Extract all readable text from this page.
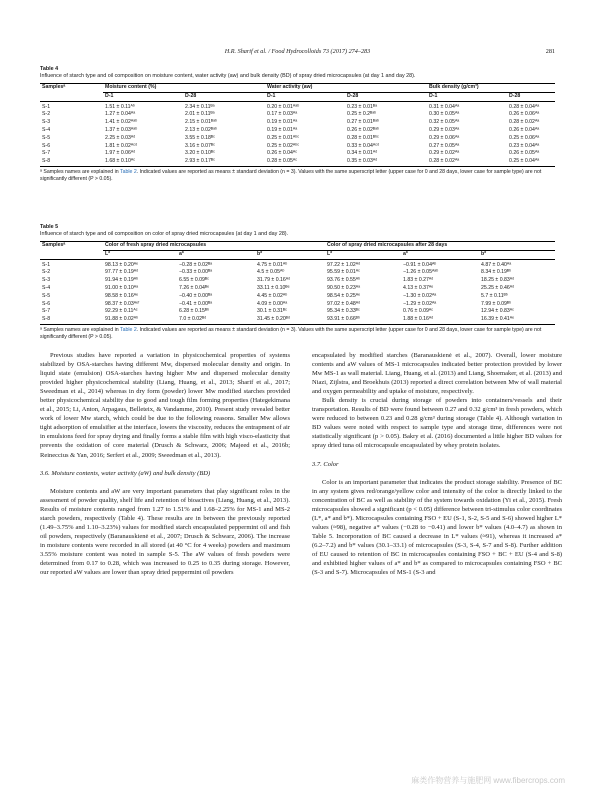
H.R. Sharif et al. / Food Hydrocolloids 73 (2017) 274–283	281
Table 4
Influence of starch type and oil composition on moisture content, water activity (aw) and bulk density (BD) of spray dried microcapsules (at day 1 and day 28).
Samplesᵃ	Moisture content (%)		Water activity (aw)		Bulk density (g/cm³)	
	D-1	D-28	D-1	D-28	D-1	D-28
S-1	1.51 ± 0.11ᴬᵇ	2.34 ± 0.11ᴮᵃ	0.20 ± 0.01ᴬᵃᵇ	0.23 ± 0.01ᴮᵃ	0.31 ± 0.04ᴬᵃ	0.28 ± 0.04ᴬᵃ
S-2	1.27 ± 0.04ᴬᵃ	2.01 ± 0.11ᴮᵃ	0.17 ± 0.03ᴬᵃ	0.25 ± 0.2ᴮᵃᵇ	0.30 ± 0.05ᴬᵃ	0.26 ± 0.06ᴬᵃ
S-3	1.41 ± 0.02ᴬᵃᵇ	2.15 ± 0.01ᴮᵃᵇ	0.19 ± 0.01ᴬᵃ	0.27 ± 0.01ᴮᵃᵇ	0.32 ± 0.05ᴬᵃ	0.28 ± 0.02ᴬᵃ
S-4	1.37 ± 0.03ᴬᵃᵇ	2.13 ± 0.02ᴮᵃᵇ	0.19 ± 0.01ᴬᵃ	0.26 ± 0.02ᴮᵃᵇ	0.29 ± 0.03ᴬᵃ	0.26 ± 0.04ᴬᵃ
S-5	2.25 ± 0.03ᴬᵈ	3.55 ± 0.18ᴮᶜ	0.25 ± 0.01ᴬᵇᶜ	0.28 ± 0.01ᴮᵇᶜ	0.29 ± 0.06ᴬᵃ	0.25 ± 0.06ᴬᵃ
S-6	1.81 ± 0.02ᴬᶜᵈ	3.16 ± 0.07ᴮᶜ	0.25 ± 0.02ᴬᵇᶜ	0.33 ± 0.04ᴬᶜᵈ	0.27 ± 0.05ᴬᵃ	0.23 ± 0.04ᴬᵃ
S-7	1.97 ± 0.06ᴬᵈ	3.20 ± 0.10ᴮᶜ	0.26 ± 0.04ᴬᶜ	0.34 ± 0.01ᴬᵈ	0.29 ± 0.02ᴬᵃ	0.26 ± 0.05ᴬᵃ
S-8	1.68 ± 0.10ᴬᶜ	2.93 ± 0.17ᴮᶜ	0.28 ± 0.05ᴬᶜ	0.35 ± 0.03ᴬᵈ	0.28 ± 0.02ᴬᵃ	0.25 ± 0.04ᴬᵃ
ᵃ Samples names are explained in Table 2. Indicated values are reported as means ± standard deviation (n = 3). Values with the same superscript letter (upper case for 0 and 28 days, lower case for sample type) are not significantly different (P > 0.05).
Table 5
Influence of starch type and oil composition on color of spray dried microcapsules (at day 1 and day 28).
Samplesᵃ	Color of fresh spray dried microcapsules			Color of spray dried microcapsules after 28 days		
	L*	a*	b*	L*	a*	b*
S-1	98.13 ± 0.20ᴬᵉ	−0.28 ± 0.02ᴮᵃ	4.75 ± 0.01ᴬᵇ	97.22 ± 1.02ᴬᵈ	−0.91 ± 0.04ᴬᵇ	4.87 ± 0.40ᴬᵃ
S-2	97.77 ± 0.19ᴬᵈ	−0.33 ± 0.00ᴮᵃ	4.5 ± 0.05ᴬᵇ	95.59 ± 0.01ᴬᶜ	−1.26 ± 0.05ᴬᵃᵇ	8.34 ± 0.19ᴮᵇ
S-3	91.94 ± 0.19ᴬᵇ	6.55 ± 0.09ᴮᶜ	31.79 ± 0.16ᴬᵈ	93.76 ± 0.55ᴬᵇ	1.83 ± 0.27ᴬᵈ	18.25 ± 0.83ᴬᵈ
S-4	91.00 ± 0.10ᴬᵃ	7.26 ± 0.04ᴮᵉ	33.11 ± 0.10ᴮᵉ	90.50 ± 0.23ᴬᵃ	4.13 ± 0.37ᴬᵉ	25.25 ± 0.46ᴬᵈ
S-5	98.58 ± 0.16ᴬᵉ	−0.40 ± 0.00ᴮᵃ	4.45 ± 0.02ᴬᵇ	98.54 ± 0.25ᴬᵉ	−1.30 ± 0.02ᴬᵃ	5.7 ± 0.11ᴮᵇ
S-6	98.37 ± 0.03ᴬᵉᶠ	−0.41 ± 0.00ᴮᵃ	4.09 ± 0.00ᴬᵃ	97.02 ± 0.48ᴬᵈ	−1.29 ± 0.02ᴬᵃ	7.99 ± 0.09ᴮᵇ
S-7	92.29 ± 0.11ᴬᶜ	6.28 ± 0.15ᴮᵇ	30.1 ± 0.31ᴮᶜ	95.34 ± 0.33ᴮᶜ	0.76 ± 0.09ᴬᶜ	12.94 ± 0.83ᴬᶜ
S-8	91.88 ± 0.02ᴬᵇ	7.0 ± 0.02ᴮᵈ	31.45 ± 0.20ᴮᵈ	93.91 ± 0.66ᴮᵇ	1.88 ± 0.16ᴬᵈ	16.39 ± 0.41ᴬᵉ
ᵃ Samples names are explained in Table 2. Indicated values are reported as means ± standard deviation (n = 3). Values with the same superscript letter (upper case for 0 and 28 days, lower case for sample type) are not significantly different (P > 0.05).

Previous studies have reported a variation in physicochemical properties of systems stabilized by OSA-starches having different Mw, dispersed molecular density and origin. In liquid state (emulsion) OSA-starches having higher Mw and dispersed molecular density provided higher physicochemical stability (Liang, Huang, et al., 2013; Sharif et al., 2017; Sweedman et al., 2014) whereas in dry form (powder) lower Mw modified starches provided better physicochemical stability due to good and tough film forming properties (Hategekimana et al., 2015; Li, Anton, Arpagaus, Belleteix, & Vandamme, 2010). Present study revealed better work of lower Mw starch, which could be due to the following reasons. Smaller Mw allows tight adsorption of emulsifier at the interface, lowers the viscosity, reduces the entrapment of air in emulsions feed for spray drying and finally forms a stable film with high visco-elasticity that prevents the oxidation of core material (Drusch & Schwarz, 2006; Majeed et al., 2016b; Reineccius & Yan, 2016; Serfert et al., 2009; Sweedman et al., 2013).

3.6. Moisture contents, water activity (aW) and bulk density (BD)

Moisture contents and aW are very important parameters that play significant roles in the assessment of powder quality, shelf life and retention of bioactives (Liang, Huang, et al., 2013). Results of moisture contents ranged from 1.27 to 1.51% and 1.68–2.25% for MS-1 and MS-2 starch powders, respectively (Table 4). These results are in between the previously reported (1.49–3.75% and 1.10–3.23%) values for modified starch encapsulated peppermint oil and fish oil powders, respectively (Baranauskienė et al., 2007; Drusch & Schwarz, 2006). The increase in moisture contents were recorded in all stored (at 40 °C for 4 weeks) powders and maximum 3.55% moisture content was noted in sample S-5. The aW values of fresh powders were determined from 0.17 to 0.28, which was increased to 0.25 to 0.35 during storage. However, our reported aW values are lower than spray dried peppermint oil powders

encapsulated by modified starches (Baranauskienė et al., 2007). Overall, lower moisture contents and aW values of MS-1 microcapsules indicated better protection provided by lower Mw MS-1 as wall material. Liang, Huang, et al. (2013) and Liang, Shoemaker, et al. (2013) and Niazi, Zijlstra, and Broekhuis (2013) reported a direct correlation between Mw of wall material and oxygen permeability and uptake of moisture, respectively.

Bulk density is crucial during storage of powders into containers/vessels and their transportation. Results of BD were found between 0.27 and 0.32 g/cm³ in fresh powders, which were reduced to between 0.23 and 0.28 g/cm³ during storage (Table 4). Although variation in BD values were noted with respect to sample type and storage time, differences were not statistically significant (p > 0.05). Bakry et al. (2016) documented a little higher BD values for spray dried tuna oil microcapsule encapsulated by whey protein isolates.

3.7. Color

Color is an important parameter that indicates the product storage stability. Presence of BC in any system gives red/orange/yellow color and intensity of the color is directly linked to the concentration of BC as well as stability of the system towards oxidation (Yi et al., 2015). Fresh microcapsules showed a significant (p < 0.05) difference between tri-stimulus color coordinates (L*, a* and b*). Microcapsules containing FSO + EU (S-1, S-2, S-5 and S-6) showed higher L* values (≈98), negative a* values (−0.28 to −0.41) and lower b* values (4.0–4.7) as shown in Table 5. Incorporation of BC caused a decrease in L* values (≈91), whereas it increased a* (6.2–7.2) and b* values (30.1–33.1) of microcapsules (S-3, S-4, S-7 and S-8). Further addition of EU caused to retention of BC in microcapsules containing FSO + BC + EU (S-4 and S-8) and exhibited higher values of a* and b* as compared to microcapsules containing FSO + BC (S-3 and S-7). Microcapsules of MS-1 (S-3 and

麻类作物营养与施肥网 www.fibercrops.com
